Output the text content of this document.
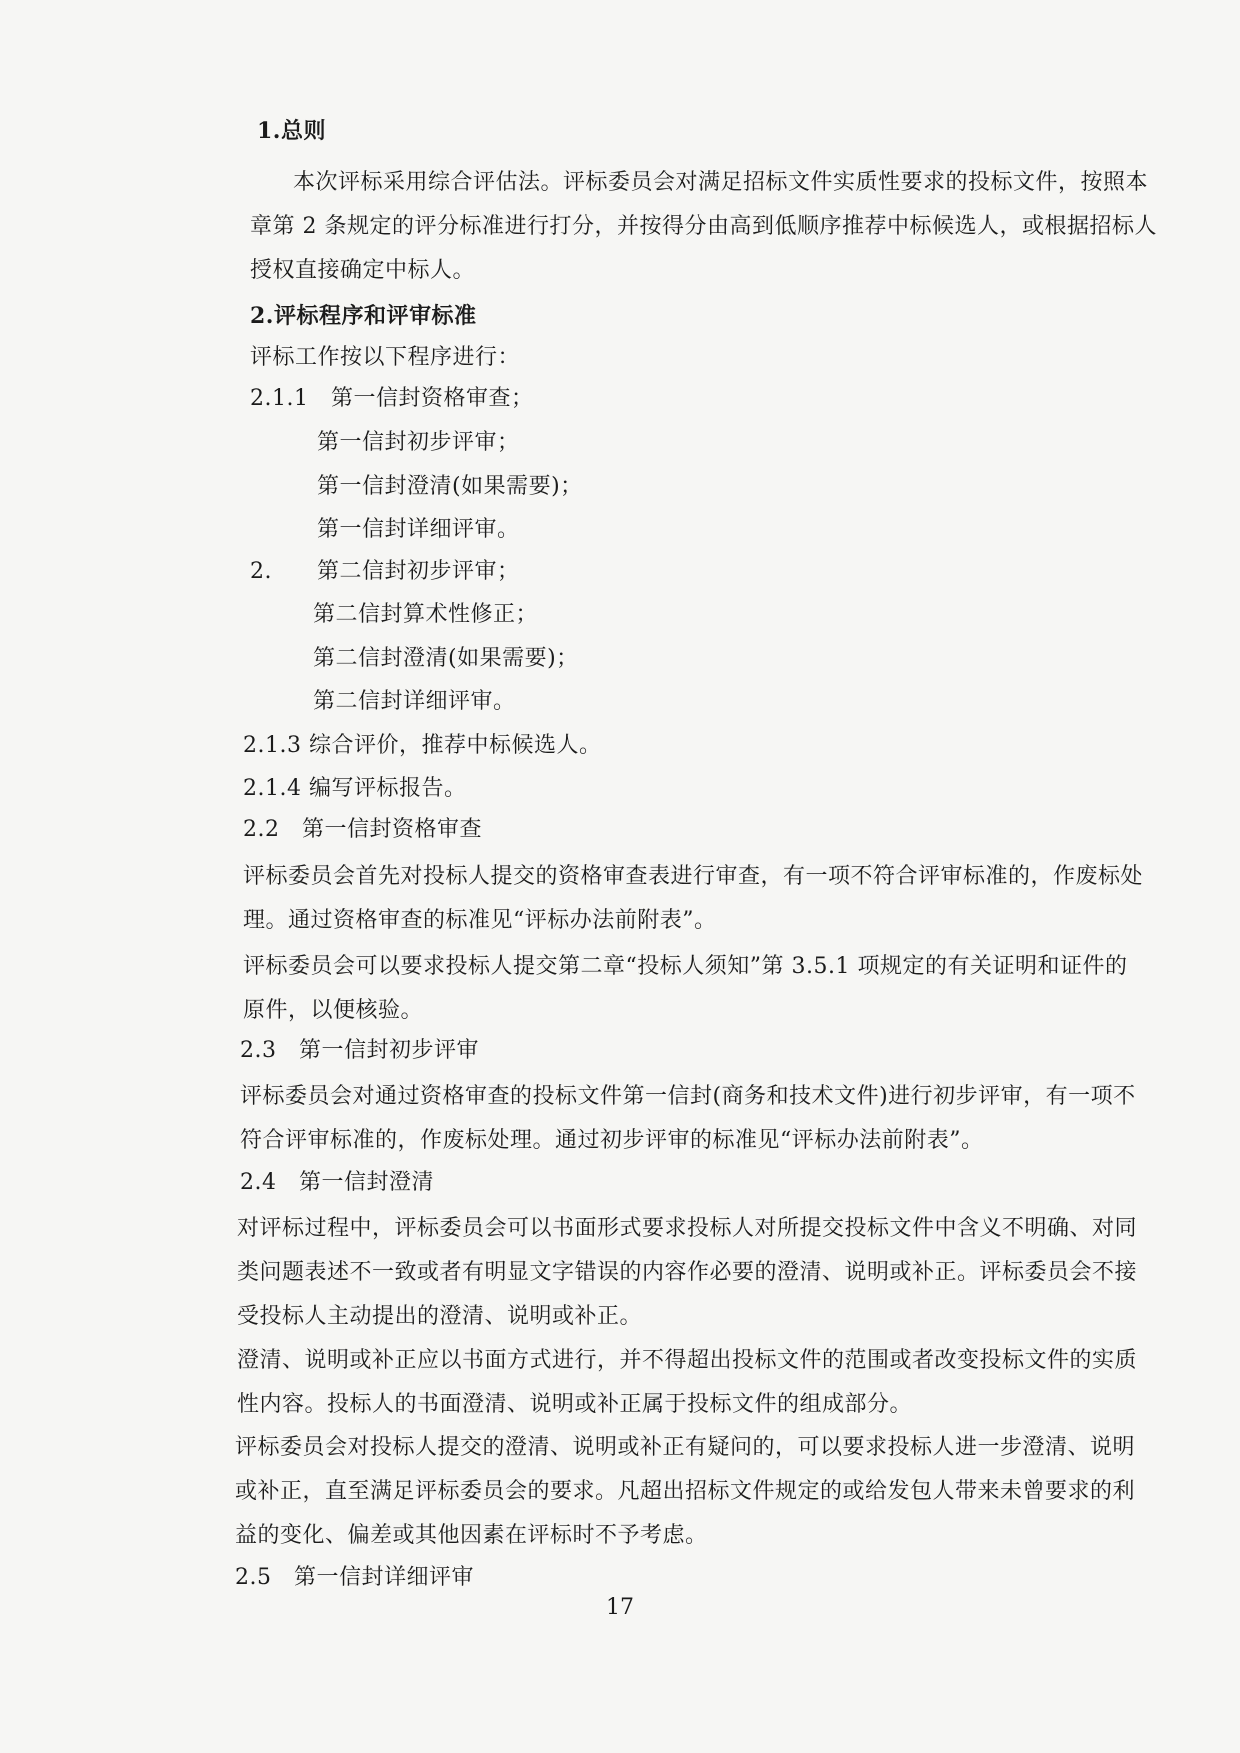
1.总则
本次评标采用综合评估法。评标委员会对满足招标文件实质性要求的投标文件，按照本
章第 2 条规定的评分标准进行打分，并按得分由高到低顺序推荐中标候选人，或根据招标人
授权直接确定中标人。
2.评标程序和评审标准
评标工作按以下程序进行：
2.1.1　第一信封资格审查；
第一信封初步评审；
第一信封澄清(如果需要)；
第一信封详细评审。
2.　　第二信封初步评审；
第二信封算术性修正；
第二信封澄清(如果需要)；
第二信封详细评审。
2.1.3 综合评价，推荐中标候选人。
2.1.4 编写评标报告。
2.2　第一信封资格审查
评标委员会首先对投标人提交的资格审查表进行审查，有一项不符合评审标准的，作废标处
理。通过资格审查的标准见“评标办法前附表”。
评标委员会可以要求投标人提交第二章“投标人须知”第 3.5.1 项规定的有关证明和证件的
原件，以便核验。
2.3　第一信封初步评审
评标委员会对通过资格审查的投标文件第一信封(商务和技术文件)进行初步评审，有一项不
符合评审标准的，作废标处理。通过初步评审的标准见“评标办法前附表”。
2.4　第一信封澄清
对评标过程中，评标委员会可以书面形式要求投标人对所提交投标文件中含义不明确、对同
类问题表述不一致或者有明显文字错误的内容作必要的澄清、说明或补正。评标委员会不接
受投标人主动提出的澄清、说明或补正。
澄清、说明或补正应以书面方式进行，并不得超出投标文件的范围或者改变投标文件的实质
性内容。投标人的书面澄清、说明或补正属于投标文件的组成部分。
评标委员会对投标人提交的澄清、说明或补正有疑问的，可以要求投标人进一步澄清、说明
或补正，直至满足评标委员会的要求。凡超出招标文件规定的或给发包人带来未曾要求的利
益的变化、偏差或其他因素在评标时不予考虑。
2.5　第一信封详细评审
17
